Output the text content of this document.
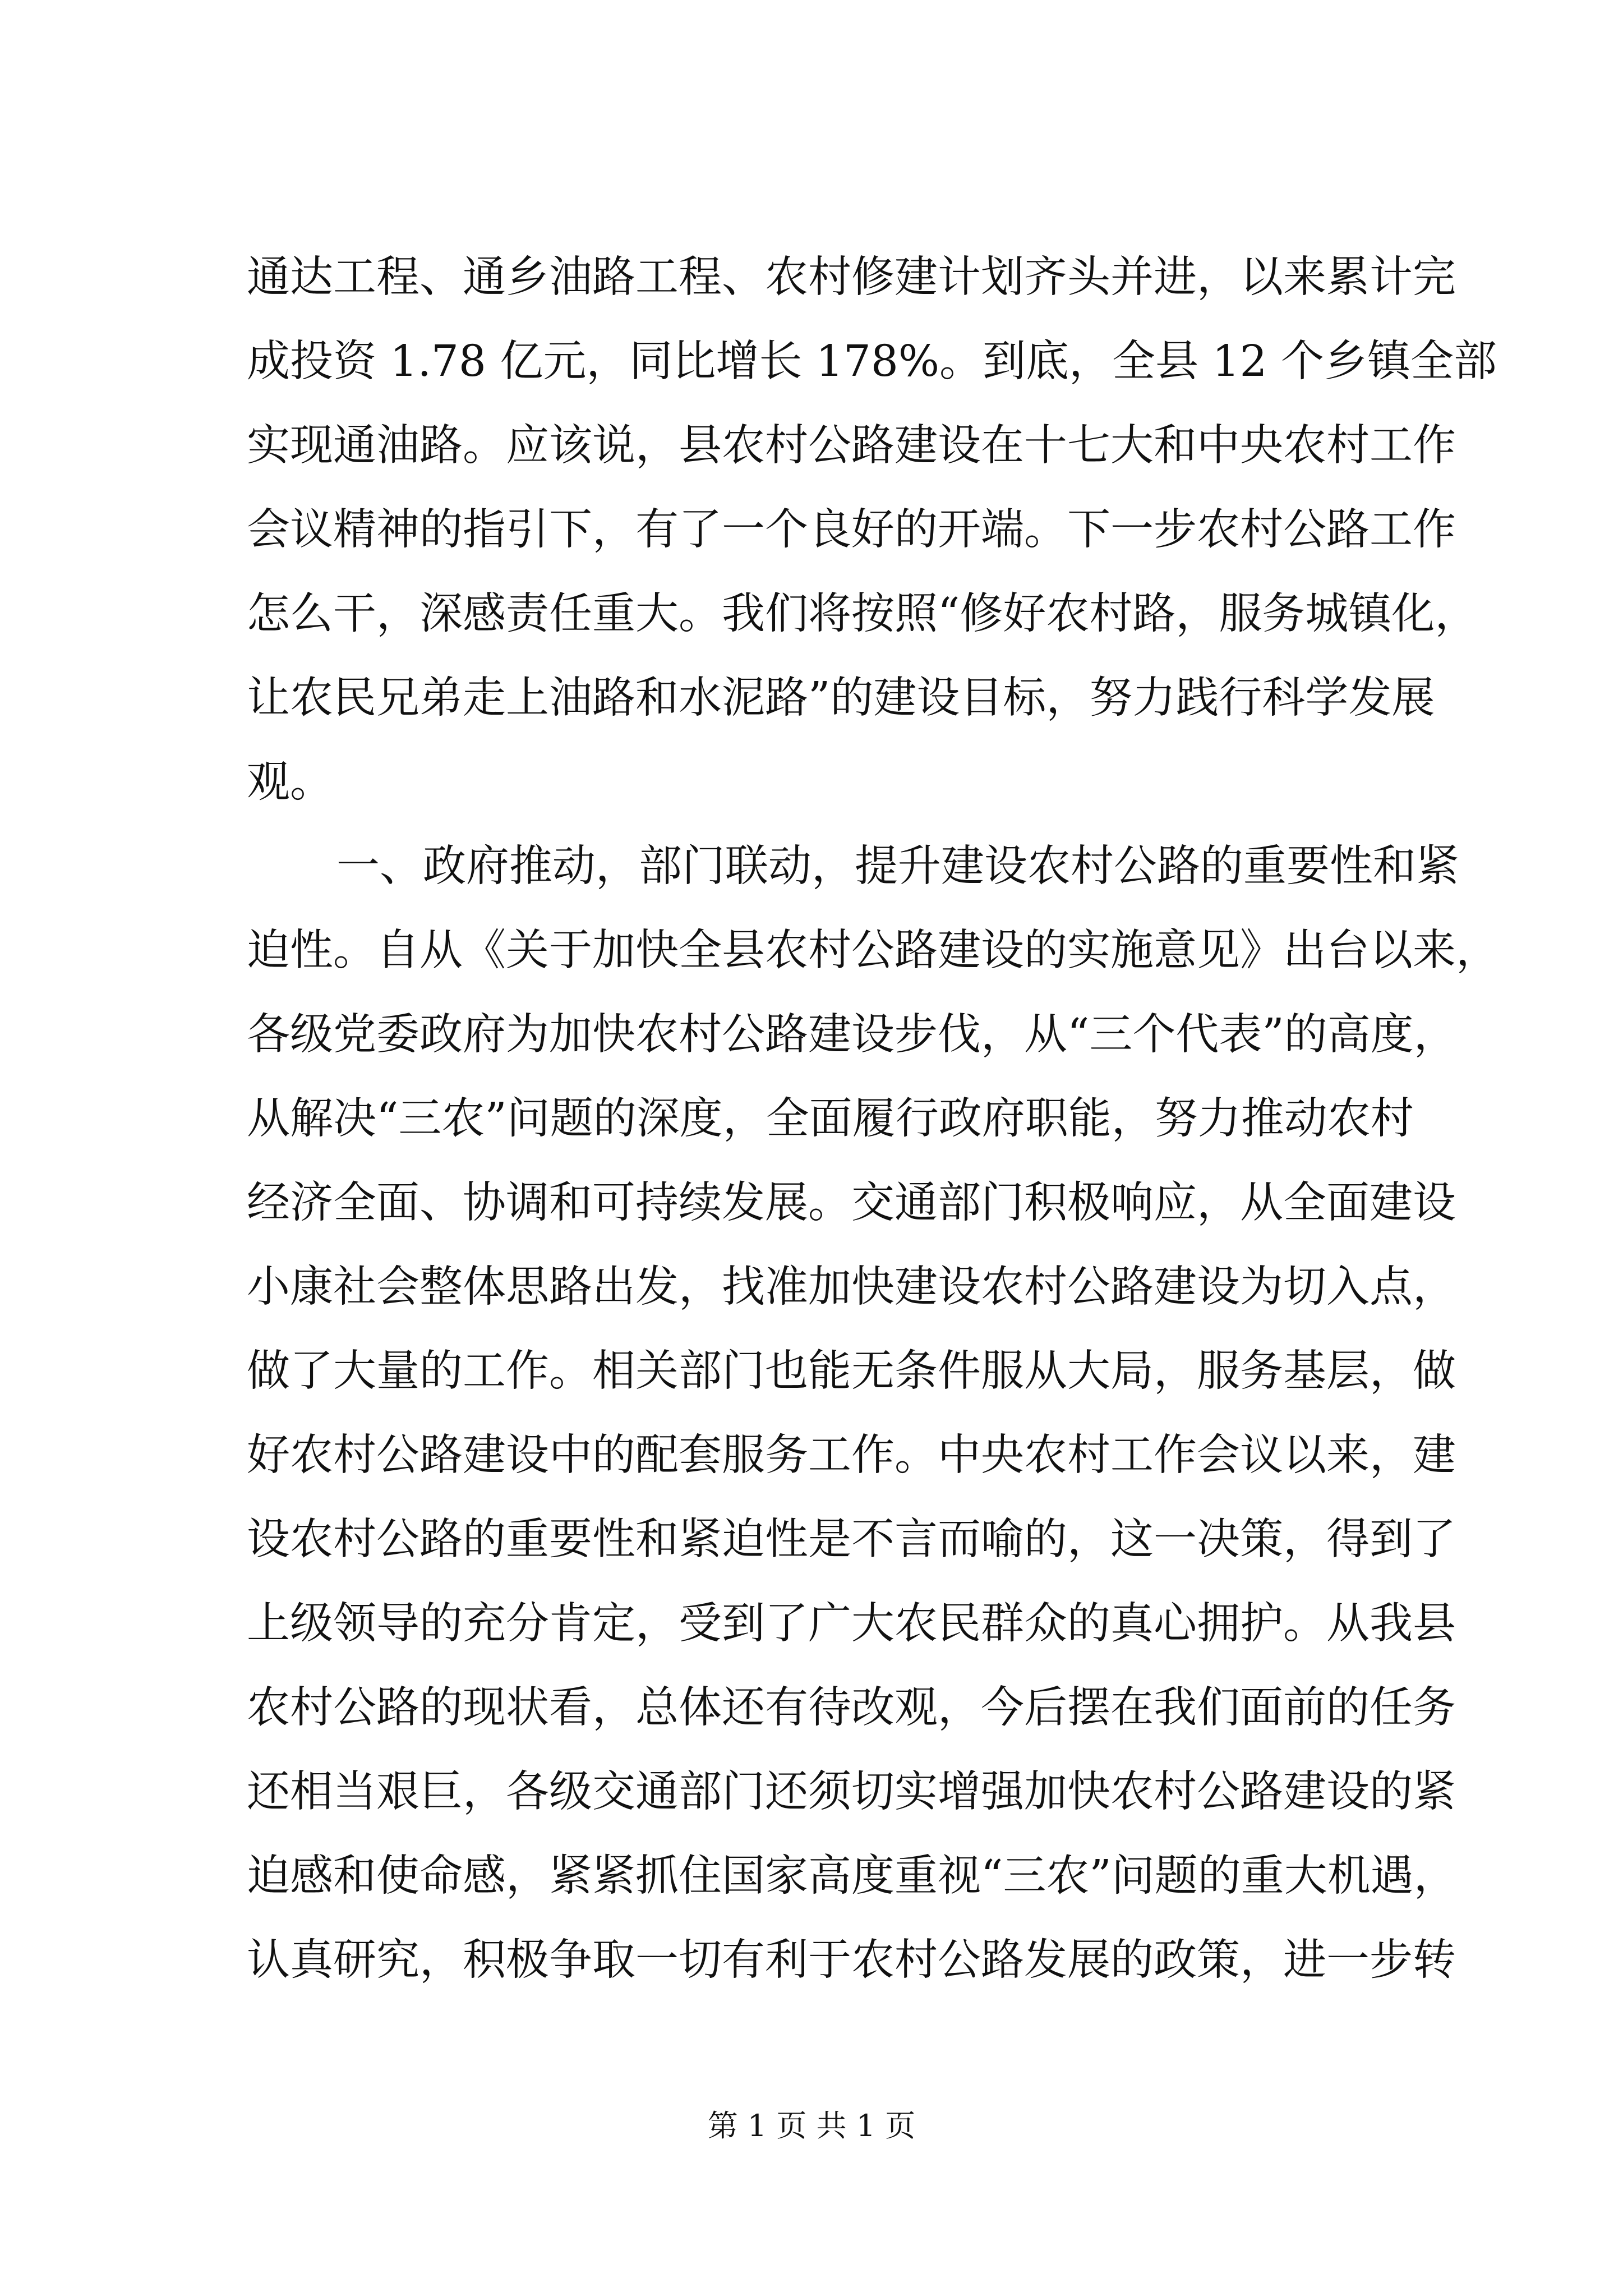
通达工程、通乡油路工程、农村修建计划齐头并进，以来累计完
成投资 1.78 亿元，同比增长 178%。到底，全县 12 个乡镇全部
实现通油路。应该说，县农村公路建设在十七大和中央农村工作
会议精神的指引下，有了一个良好的开端。下一步农村公路工作
怎么干，深感责任重大。我们将按照“修好农村路，服务城镇化，
让农民兄弟走上油路和水泥路”的建设目标，努力践行科学发展
观。
一、政府推动，部门联动，提升建设农村公路的重要性和紧
迫性。自从《关于加快全县农村公路建设的实施意见》出台以来，
各级党委政府为加快农村公路建设步伐，从“三个代表”的高度，
从解决“三农”问题的深度，全面履行政府职能，努力推动农村
经济全面、协调和可持续发展。交通部门积极响应，从全面建设
小康社会整体思路出发，找准加快建设农村公路建设为切入点，
做了大量的工作。相关部门也能无条件服从大局，服务基层，做
好农村公路建设中的配套服务工作。中央农村工作会议以来，建
设农村公路的重要性和紧迫性是不言而喻的，这一决策，得到了
上级领导的充分肯定，受到了广大农民群众的真心拥护。从我县
农村公路的现状看，总体还有待改观，今后摆在我们面前的任务
还相当艰巨，各级交通部门还须切实增强加快农村公路建设的紧
迫感和使命感，紧紧抓住国家高度重视“三农”问题的重大机遇，
认真研究，积极争取一切有利于农村公路发展的政策，进一步转
第 1 页 共 1 页
